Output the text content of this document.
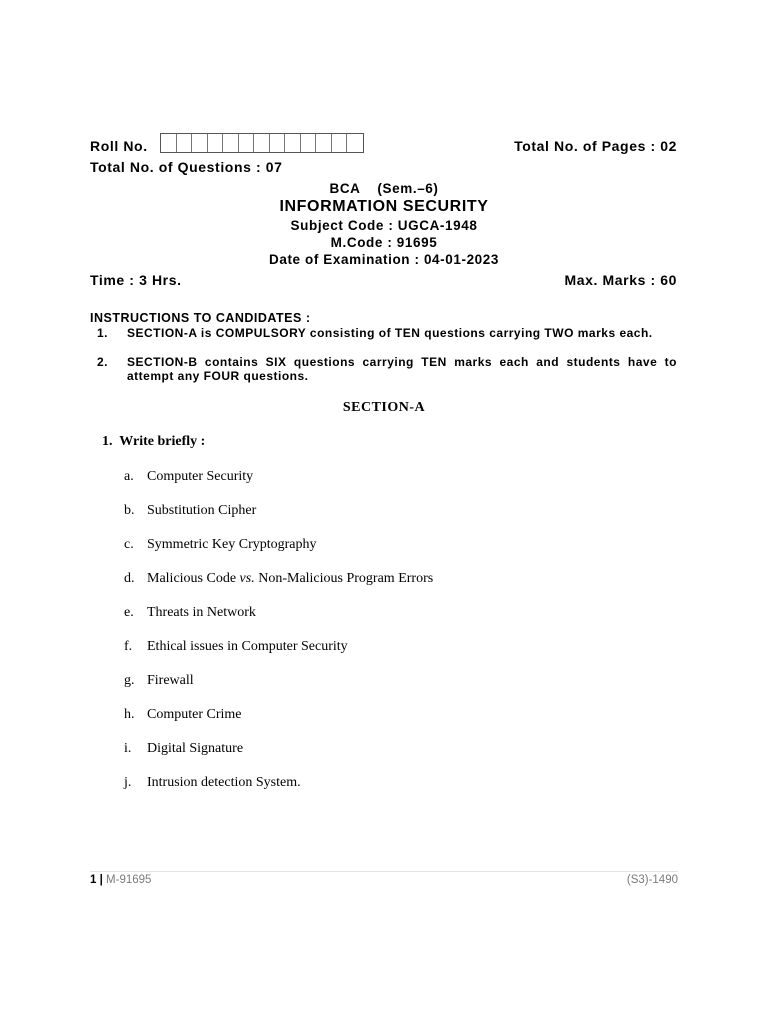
Roll No.	Total No. of Pages : 02
Total No. of Questions : 07
BCA    (Sem.–6)
INFORMATION SECURITY
Subject Code : UGCA-1948
M.Code : 91695
Date of Examination : 04-01-2023
Time : 3 Hrs.	Max. Marks : 60
INSTRUCTIONS TO CANDIDATES :
1.	SECTION-A is COMPULSORY consisting of TEN questions carrying TWO marks each.
2.	SECTION-B contains SIX questions carrying TEN marks each and students have to attempt any FOUR questions.
SECTION-A
1. Write briefly :
a. Computer Security
b. Substitution Cipher
c. Symmetric Key Cryptography
d. Malicious Code vs. Non-Malicious Program Errors
e. Threats in Network
f.	Ethical issues in Computer Security
g. Firewall
h. Computer Crime
i.	Digital Signature
j.	Intrusion detection System.
1 | M-91695	(S3)-1490
